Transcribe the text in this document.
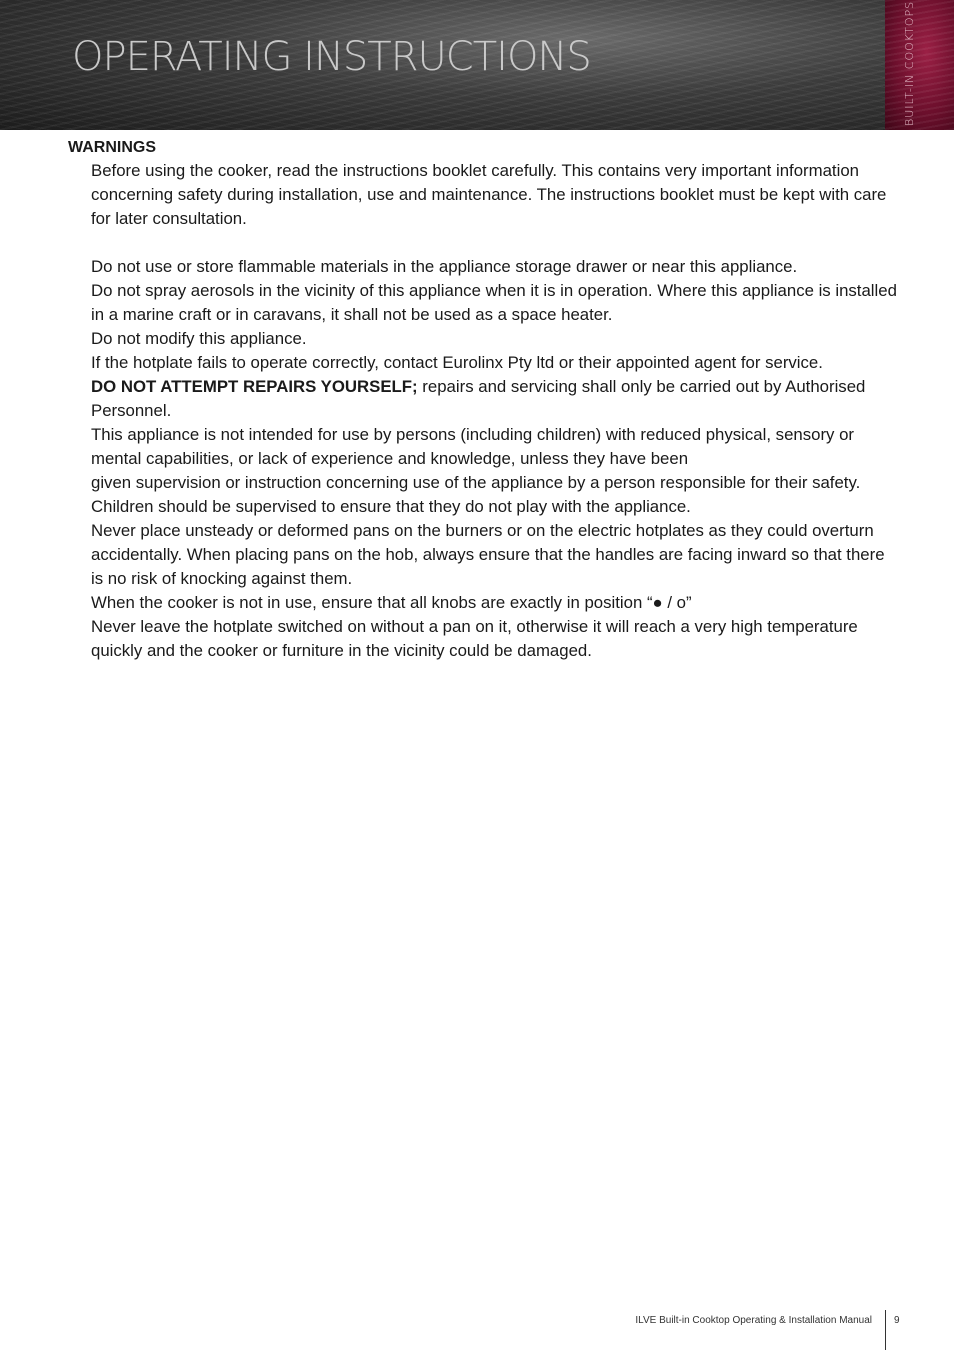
OPERATING INSTRUCTIONS	BUILT-IN COOKTOPS
WARNINGS

Before using the cooker, read the instructions booklet carefully. This contains very important information concerning safety during installation, use and maintenance. The instructions booklet must be kept with care for later consultation.

Do not use or store flammable materials in the appliance storage drawer or near this appliance.

Do not spray aerosols in the vicinity of this appliance when it is in operation. Where this appliance is installed in a marine craft or in caravans, it shall not be used as a space heater.

Do not modify this appliance.

If the hotplate fails to operate correctly, contact Eurolinx Pty ltd or their appointed agent for service.

DO NOT ATTEMPT REPAIRS YOURSELF; repairs and servicing shall only be carried out by Authorised Personnel.

This appliance is not intended for use by persons (including children) with reduced physical, sensory or mental capabilities, or lack of experience and knowledge, unless they have been

given supervision or instruction concerning use of the appliance by a person responsible for their safety.

Children should be supervised to ensure that they do not play with the appliance.

Never place unsteady or deformed pans on the burners or on the electric hotplates as they could overturn accidentally. When placing pans on the hob, always ensure that the handles are facing inward so that there is no risk of knocking against them.

When the cooker is not in use, ensure that all knobs are exactly in position “● / o”

Never leave the hotplate switched on without a pan on it, otherwise it will reach a very high temperature quickly and the cooker or furniture in the vicinity could be damaged.

ILVE Built-in Cooktop Operating & Installation Manual 9
